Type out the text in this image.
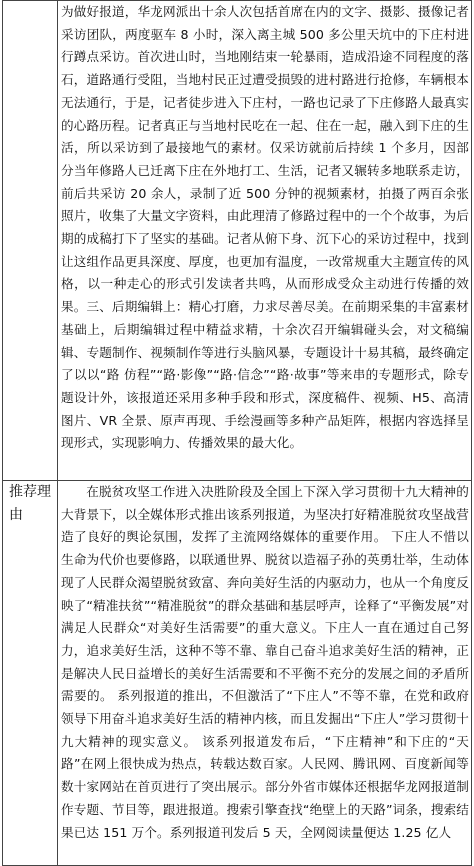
	为做好报道，华龙网派出十余人次包括首席在内的文字、摄影、摄像记者采访团队，两度驱车 8 小时，深入离主城 500 多公里天坑中的下庄村进行蹲点采访。首次进山时，当地刚结束一轮暴雨，造成沿途不同程度的落石，道路通行受阻，当地村民正过遭受损毁的进村路进行抢修，车辆根本无法通行，于是，记者徒步进入下庄村，一路也记录了下庄修路人最真实的心路历程。记者真正与当地村民吃在一起、住在一起，融入到下庄的生活，所以采访到了最接地气的素材。仅采访就前后持续 1 个多月，因部分当年修路人已迁离下庄在外地打工、生活，记者又辗转多地联系走访，前后共采访 20 余人，录制了近 500 分钟的视频素材，拍摄了两百余张照片，收集了大量文字资料，由此理清了修路过程中的一个个故事，为后期的成稿打下了坚实的基础。记者从俯下身、沉下心的采访过程中，找到让这组作品更具深度、厚度，也更加有温度，一改常规重大主题宣传的风格，以一种走心的形式引发读者共鸣，从而形成受众主动进行传播的效果。三、后期编辑上：精心打磨，力求尽善尽美。在前期采集的丰富素材基础上，后期编辑过程中精益求精，十余次召开编辑碰头会，对文稿编辑、专题制作、视频制作等进行头脑风暴，专题设计十易其稿，最终确定了以以“路 仿程”“路·影像”“路·信念”“路·故事”等来串的专题形式，除专题设计外，该报道还采用多种手段和形式，深度稿件、视频、H5、高清图片、VR 全景、原声再现、手绘漫画等多种产品矩阵，根据内容选择呈现形式，实现影响力、传播效果的最大化。

推荐理由	在脱贫攻坚工作进入决胜阶段及全国上下深入学习贯彻十九大精神的大背景下，以全媒体形式推出该系列报道，为坚决打好精准脱贫攻坚战营造了良好的舆论氛围，发挥了主流网络媒体的重要作用。 下庄人不惜以生命为代价也要修路，以联通世界、脱贫以造福子孙的英勇壮举，生动体现了人民群众渴望脱贫致富、奔向美好生活的内驱动力，也从一个角度反映了“精准扶贫”“精准脱贫”的群众基础和基层呼声，诠释了“平衡发展”对满足人民群众“对美好生活需要”的重大意义。下庄人一直在通过自己努力，追求美好生活，这种不等不靠、靠自己奋斗追求美好生活的精神，正是解决人民日益增长的美好生活需要和不平衡不充分的发展之间的矛盾所需要的。 系列报道的推出，不但激活了“下庄人”不等不靠，在党和政府领导下用奋斗追求美好生活的精神内核，而且发掘出“下庄人”学习贯彻十九大精神的现实意义。 该系列报道发布后，“下庄精神”和下庄的“天路”在网上很快成为热点，转载达数百家。人民网、腾讯网、百度新闻等数十家网站在首页进行了突出展示。部分外省市媒体还根据华龙网报道制作专题、节目等，跟进报道。搜索引擎查找“绝壁上的天路”词条，搜索结果已达 151 万个。系列报道刊发后 5 天，全网阅读量便达 1.25 亿人
